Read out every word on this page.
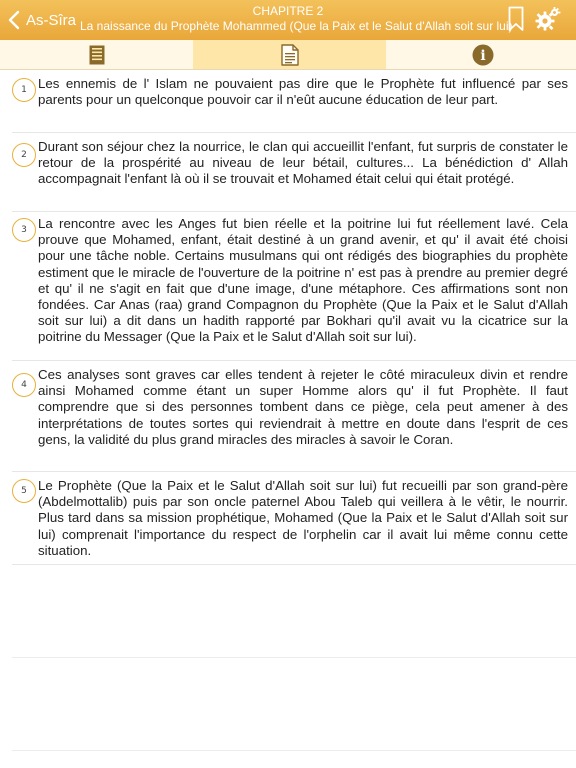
As-Sîra
CHAPITRE 2
La naissance du Prophète Mohammed (Que la Paix et le Salut d'Allah soit sur lui)
i
1 Les ennemis de l' Islam ne pouvaient pas dire que le Prophète fut influencé par ses parents pour un quelconque pouvoir car il n'eût aucune éducation de leur part.
2
Durant son séjour chez la nourrice, le clan qui accueillit l'enfant, fut surpris de constater le retour de la prospérité au niveau de leur bétail, cultures... La bénédiction d' Allah accompagnait l'enfant là où il se trouvait et Mohamed était celui qui était protégé.
3 La rencontre avec les Anges fut bien réelle et la poitrine lui fut réellement lavé. Cela prouve que Mohamed, enfant, était destiné à un grand avenir, et qu' il avait été choisi pour une tâche noble. Certains musulmans qui ont rédigés des biographies du prophète estiment que le miracle de l'ouverture de la poitrine n' est pas à prendre au premier degré et qu' il ne s'agit en fait que d'une image, d'une métaphore. Ces affirmations sont non fondées. Car Anas (raa) grand Compagnon du Prophète (Que la Paix et le Salut d'Allah soit sur lui) a dit dans un hadith rapporté par Bokhari qu'il avait vu la cicatrice sur la poitrine du Messager (Que la Paix et le Salut d'Allah soit sur lui).
4
Ces analyses sont graves car elles tendent à rejeter le côté miraculeux divin et rendre ainsi Mohamed comme étant un super Homme alors qu' il fut Prophète. Il faut comprendre que si des personnes tombent dans ce piège, cela peut amener à des interprétations de toutes sortes qui reviendrait à mettre en doute dans l'esprit de ces gens, la validité du plus grand miracles des miracles à savoir le Coran.
5 Le Prophète (Que la Paix et le Salut d'Allah soit sur lui) fut recueilli par son grand-père (Abdelmottalib) puis par son oncle paternel Abou Taleb qui veillera à le vêtir, le nourrir. Plus tard dans sa mission prophétique, Mohamed (Que la Paix et le Salut d'Allah soit sur lui) comprenait l'importance du respect de l'orphelin car il avait lui même connu cette situation.
